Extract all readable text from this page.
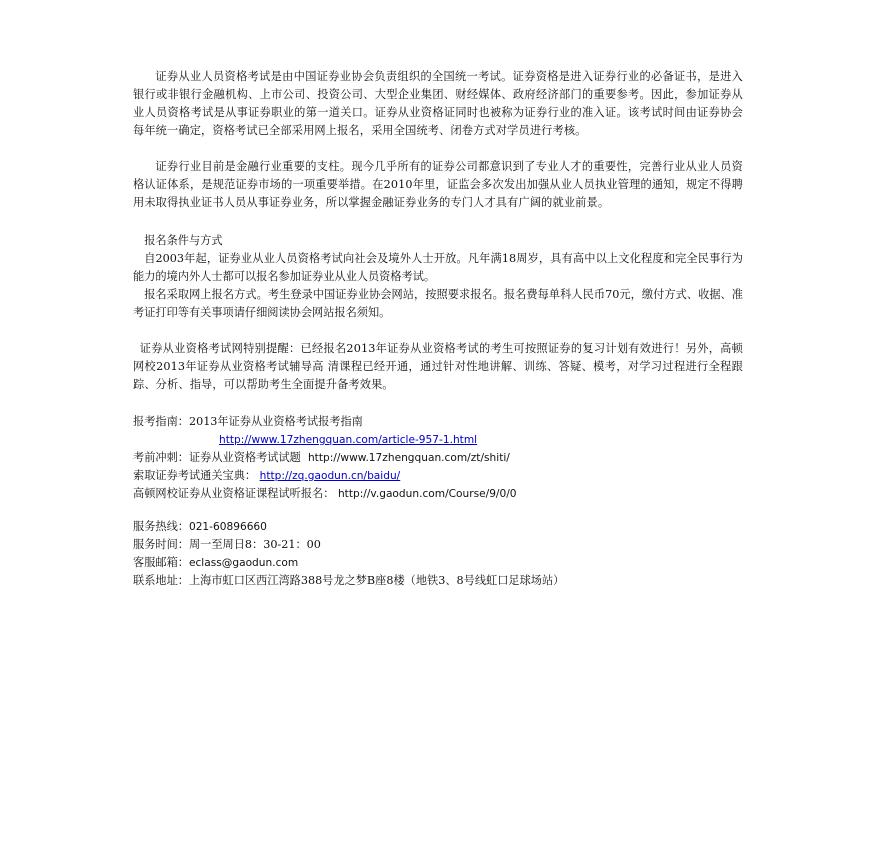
证券从业人员资格考试是由中国证券业协会负责组织的全国统一考试。证券资格是进入证券行业的必备证书，是进入银行或非银行金融机构、上市公司、投资公司、大型企业集团、财经媒体、政府经济部门的重要参考。因此，参加证券从业人员资格考试是从事证券职业的第一道关口。证券从业资格证同时也被称为证券行业的准入证。该考试时间由证券协会每年统一确定，资格考试已全部采用网上报名，采用全国统考、闭卷方式对学员进行考核。

证券行业目前是金融行业重要的支柱。现今几乎所有的证券公司都意识到了专业人才的重要性，完善行业从业人员资格认证体系，是规范证券市场的一项重要举措。在2010年里，证监会多次发出加强从业人员执业管理的通知，规定不得聘用未取得执业证书人员从事证券业务，所以掌握金融证券业务的专门人才具有广阔的就业前景。

报名条件与方式

自2003年起，证券业从业人员资格考试向社会及境外人士开放。凡年满18周岁，具有高中以上文化程度和完全民事行为能力的境内外人士都可以报名参加证券业从业人员资格考试。

报名采取网上报名方式。考生登录中国证券业协会网站，按照要求报名。报名费每单科人民币70元，缴付方式、收据、准考证打印等有关事项请仔细阅读协会网站报名须知。

证券从业资格考试网特别提醒：已经报名2013年证券从业资格考试的考生可按照证券的复习计划有效进行！另外，高顿网校2013年证券从业资格考试辅导高 清课程已经开通，通过针对性地讲解、训练、答疑、模考，对学习过程进行全程跟踪、分析、指导，可以帮助考生全面提升备考效果。

报考指南：2013年证券从业资格考试报考指南
http://www.17zhengquan.com/article-957-1.html
考前冲刺：证券从业资格考试试题 http://www.17zhengquan.com/zt/shiti/
索取证券考试通关宝典： http://zq.gaodun.cn/baidu/
高顿网校证券从业资格证课程试听报名： http://v.gaodun.com/Course/9/0/0
服务热线：021-60896660
服务时间：周一至周日8：30-21：00
客服邮箱：eclass@gaodun.com
联系地址：上海市虹口区西江湾路388号龙之梦B座8楼（地铁3、8号线虹口足球场站）
